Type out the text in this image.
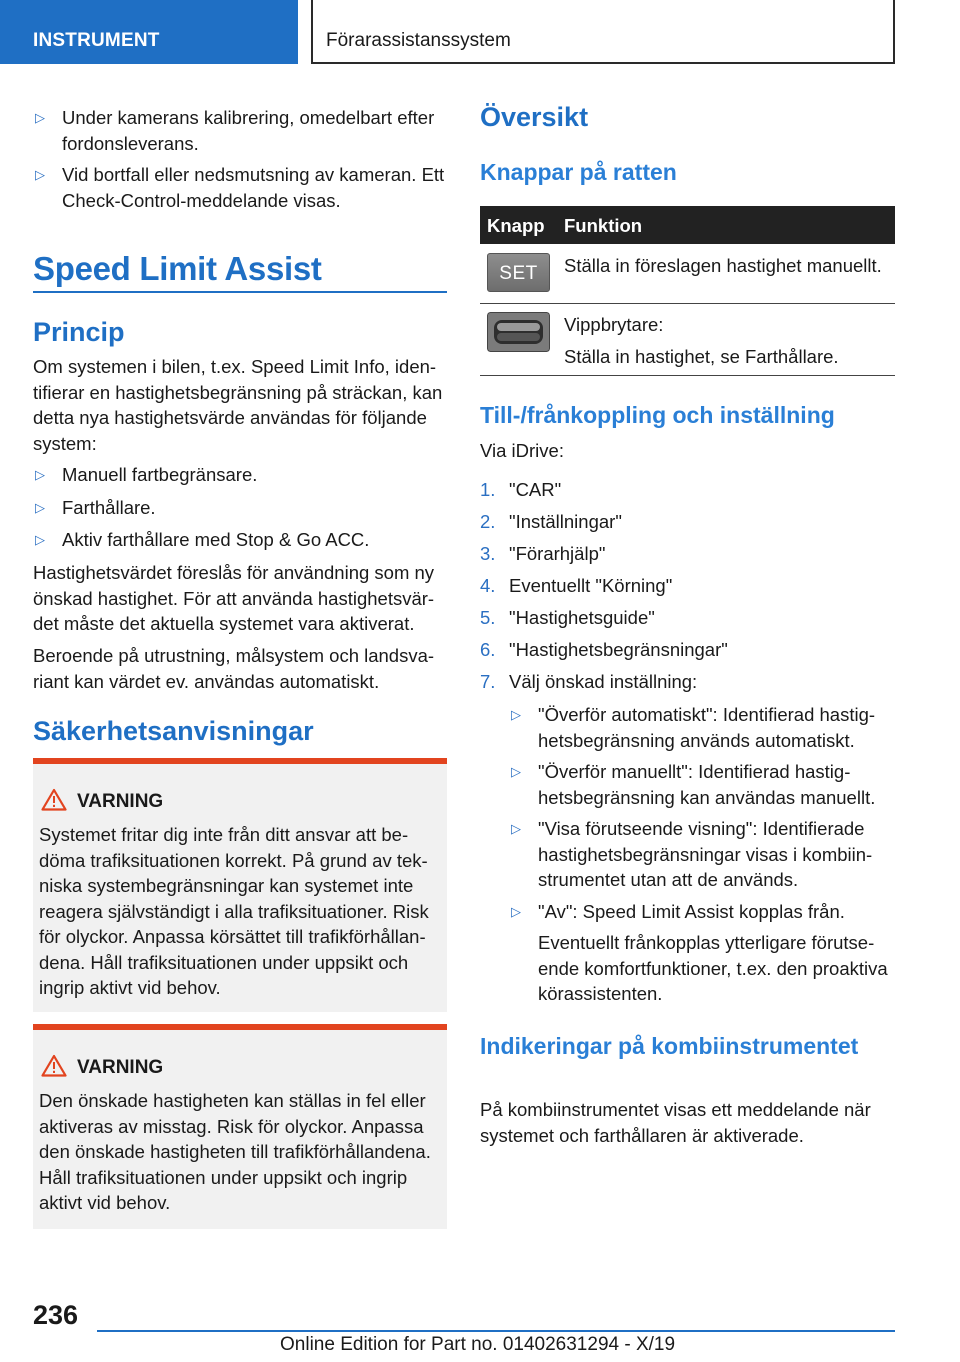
INSTRUMENT	Förarassistanssystem
▷
Under kamerans kalibrering, omedelbart efter fordonsleverans.
▷
Vid bortfall eller nedsmutsning av kameran. Ett Check-Control-meddelande visas.
Speed Limit Assist
Princip
Om systemen i bilen, t.ex. Speed Limit Info, identifierar en hastighetsbegränsning på sträckan, kan detta nya hastighetsvärde användas för följande system:
▷
Manuell fartbegränsare.
▷
Farthållare.
▷
Aktiv farthållare med Stop & Go ACC.
Hastighetsvärdet föreslås för användning som ny önskad hastighet. För att använda hastighetsvärdet måste det aktuella systemet vara aktiverat.
Beroende på utrustning, målsystem och landsvariant kan värdet ev. användas automatiskt.
Säkerhetsanvisningar
VARNING
Systemet fritar dig inte från ditt ansvar att bedöma trafiksituationen korrekt. På grund av tekniska systembegränsningar kan systemet inte reagera självständigt i alla trafiksituationer. Risk för olyckor. Anpassa körsättet till trafikförhållandena. Håll trafiksituationen under uppsikt och ingrip aktivt vid behov.
VARNING
Den önskade hastigheten kan ställas in fel eller aktiveras av misstag. Risk för olyckor. Anpassa den önskade hastigheten till trafikförhållandena. Håll trafiksituationen under uppsikt och ingrip aktivt vid behov.
Översikt
Knappar på ratten
Knapp Funktion
SET	Ställa in föreslagen hastighet manuellt.
Vippbrytare:
Ställa in hastighet, se Farthållare.
Till-/frånkoppling och inställning
Via iDrive:
1. "CAR"
2. "Inställningar"
3. "Förarhjälp"
4. Eventuellt "Körning"
5. "Hastighetsguide"
6. "Hastighetsbegränsningar"
7. Välj önskad inställning:
▷
"Överför automatiskt": Identifierad hastighetsbegränsning används automatiskt.
▷
"Överför manuellt": Identifierad hastighetsbegränsning kan användas manuellt.
▷
"Visa förutseende visning": Identifierade hastighetsbegränsningar visas i kombiinstrumentet utan att de används.
▷
"Av": Speed Limit Assist kopplas från.
Eventuellt frånkopplas ytterligare förutseende komfortfunktioner, t.ex. den proaktiva körassistenten.
Indikeringar på kombiinstrumentet
På kombiinstrumentet visas ett meddelande när systemet och farthållaren är aktiverade.
236
Online Edition for Part no. 01402631294 - X/19
